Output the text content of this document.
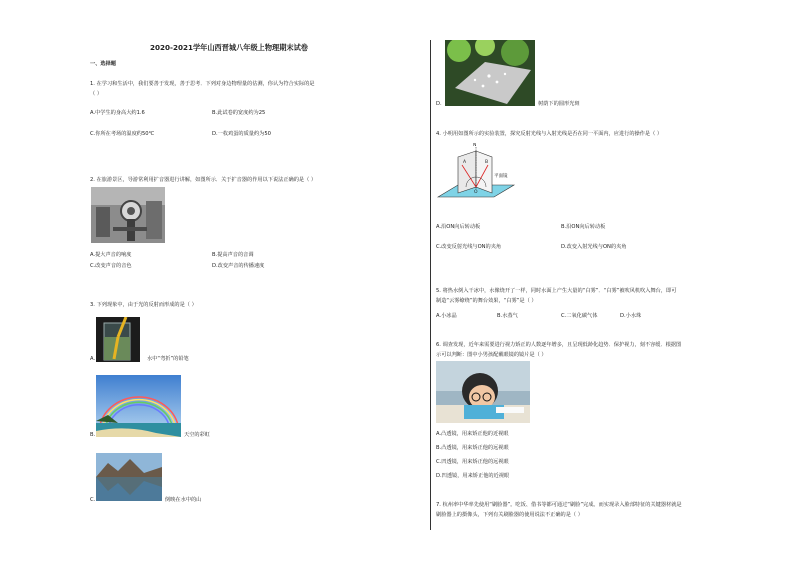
2020-2021学年山西晋城八年级上物理期末试卷
一、选择题
1. 在学习和生活中，我们要善于发现，善于思考．下列对身边物理量的估测，你认为符合实际的是
（ ）
A.中学生的身高大约1.6	B.此试卷的宽度约为25
C.你所在考场的温度约50℃	D.一枚鸡蛋的质量约为50
2. 在旅游景区，导游常利用扩音器进行讲解，如图所示．关于扩音器的作用以下说法正确的是（ ）
A.提大声音的响度	B.提高声音的音调
C.改变声音的音色	D.改变声音的传播速度
3. 下列现象中，由于光的反射而形成的是（ ）
A.	水中“弯折”的铅笔
B.	天空的彩虹
C.	倒映在水中的山
D.	树荫下的圆形光斑
4. 小明用如图所示的实验装置，探究反射光线与入射光线是否在同一平面内，应进行的操作是（ ）
N
A	B
O
平面镜
A.沿ON向后转动板	B.沿ON向后转动板
C.改变反射光线与ON的夹角	D.改变入射光线与ON的夹角
5. 将热水倒入干冰中，水像烧开了一样，同时水面上产生大量的“白雾”．“白雾”被吹风机吹入舞台，即可
制造“云雾缭绕”的舞台效果，“白雾”是（ ）
A.小冰晶	B.水蒸气	C.二氧化碳气体	D.小水珠
6. 调查发现，近年来需要进行视力矫正的人数逐年增多，且呈现低龄化趋势．保护视力，刻不容缓．根据图
示可以判断：图中小男孩配戴眼镜的镜片是（ ）
A.凸透镜，用来矫正他的近视眼
B.凸透镜，用来矫正他的远视眼
C.凹透镜，用来矫正他的远视眼
D.凹透镜，用来矫正他的近视眼
7. 杭州率中华率先使用“刷脸器”。吃饭、借书等都可通过“刷脸”完成。而实现录入脸部特征的关键器材就是
刷脸器上的摄像头，下列有关刷脸器的使用说法不正确的是（ ）
